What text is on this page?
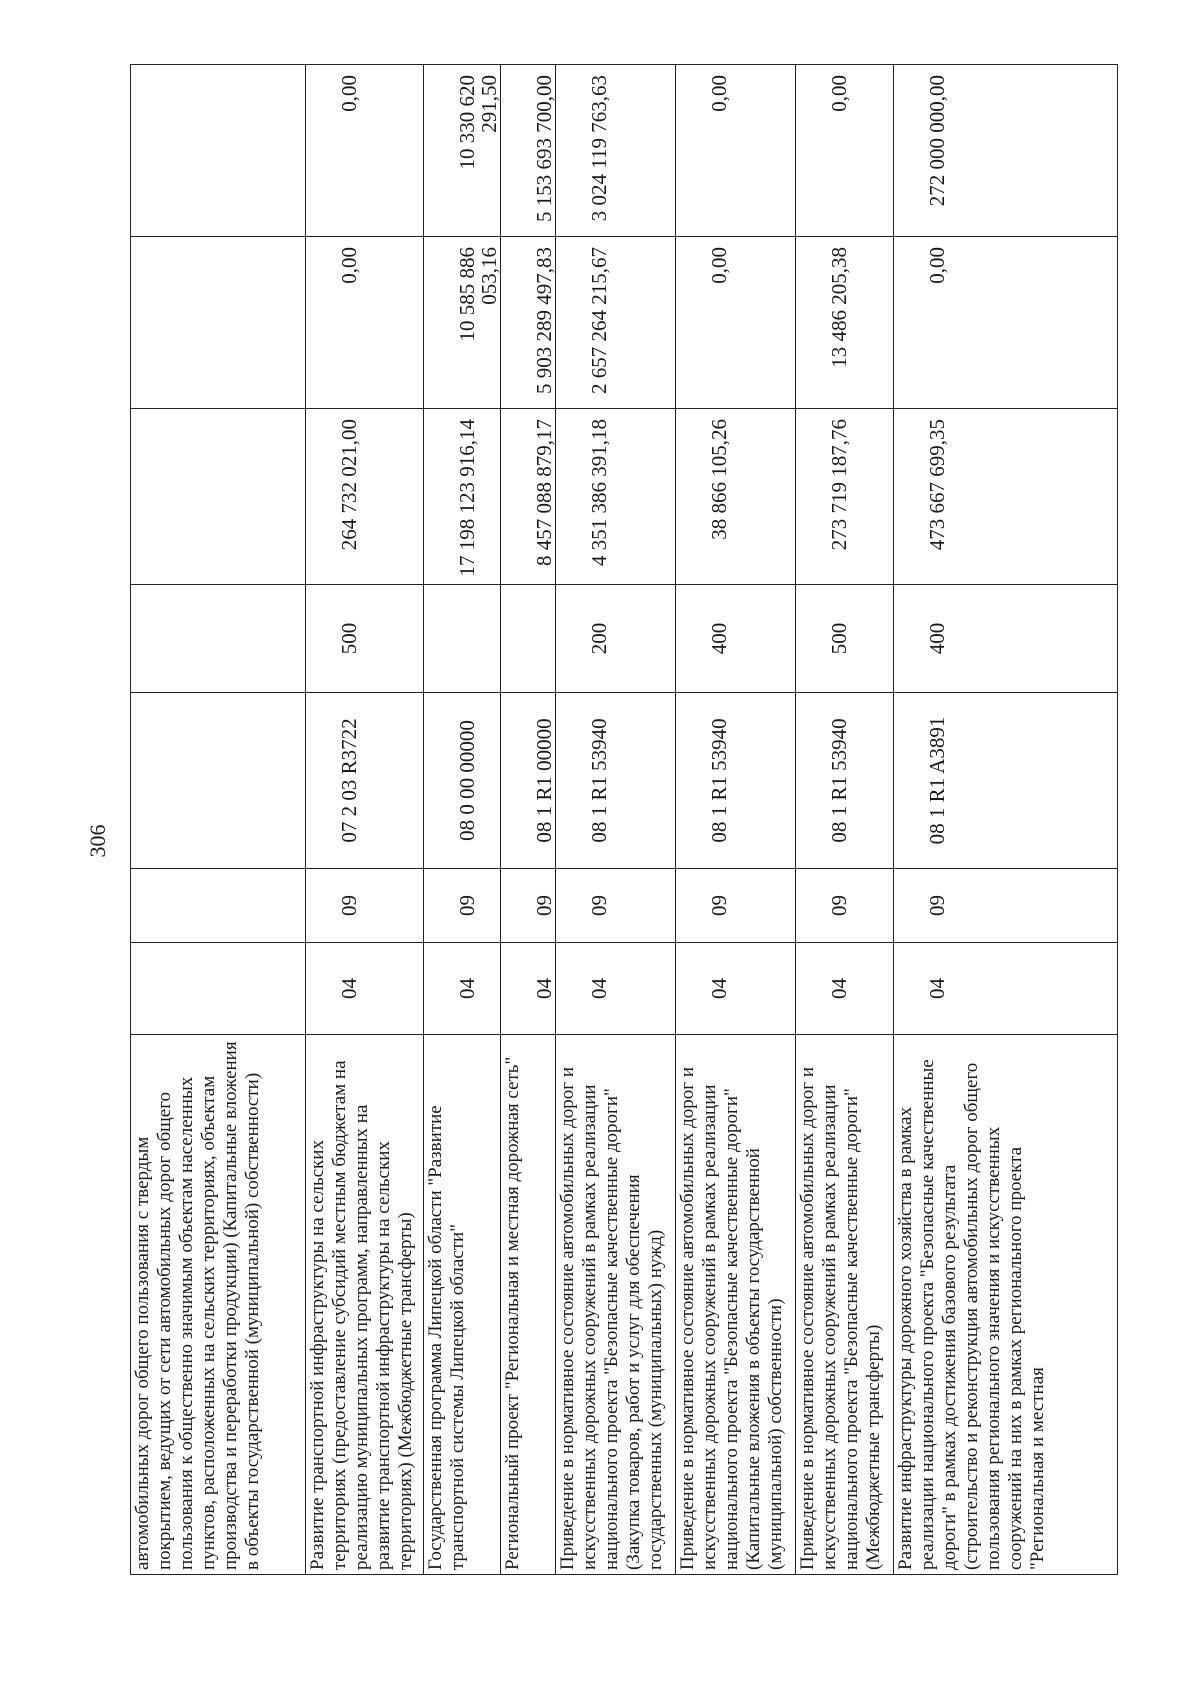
306
автомобильных дорог общего пользования с твердым покрытием, ведущих от сети автомобильных дорог общего пользования к общественно значимым объектам населенных пунктов, расположенных на сельских территориях, объектам производства и переработки продукции) (Капитальные вложения в объекты государственной (муниципальной) собственности)							
Развитие транспортной инфраструктуры на сельских территориях (предоставление субсидий местным бюджетам на реализацию муниципальных программ, направленных на развитие транспортной инфраструктуры на сельских территориях) (Межбюджетные трансферты)	04	09	07 2 03 R3722	500	264 732 021,00	0,00	0,00
Государственная программа Липецкой области "Развитие транспортной системы Липецкой области"	04	09	08 0 00 00000		17 198 123 916,14	10 585 886 053,16	10 330 620 291,50
Региональный проект "Региональная и местная дорожная сеть"	04	09	08 1 R1 00000		8 457 088 879,17	5 903 289 497,83	5 153 693 700,00
Приведение в нормативное состояние автомобильных дорог и искусственных дорожных сооружений в рамках реализации национального проекта "Безопасные качественные дороги" (Закупка товаров, работ и услуг для обеспечения государственных (муниципальных) нужд)	04	09	08 1 R1 53940	200	4 351 386 391,18	2 657 264 215,67	3 024 119 763,63
Приведение в нормативное состояние автомобильных дорог и искусственных дорожных сооружений в рамках реализации национального проекта "Безопасные качественные дороги" (Капитальные вложения в объекты государственной (муниципальной) собственности)	04	09	08 1 R1 53940	400	38 866 105,26	0,00	0,00
Приведение в нормативное состояние автомобильных дорог и искусственных дорожных сооружений в рамках реализации национального проекта "Безопасные качественные дороги" (Межбюджетные трансферты)	04	09	08 1 R1 53940	500	273 719 187,76	13 486 205,38	0,00
Развитие инфраструктуры дорожного хозяйства в рамках реализации национального проекта "Безопасные качественные дороги" в рамках достижения базового результата (строительство и реконструкция автомобильных дорог общего пользования регионального значения и искусственных сооружений на них в рамках регионального проекта "Региональная и местная	04	09	08 1 R1 A3891	400	473 667 699,35	0,00	272 000 000,00
